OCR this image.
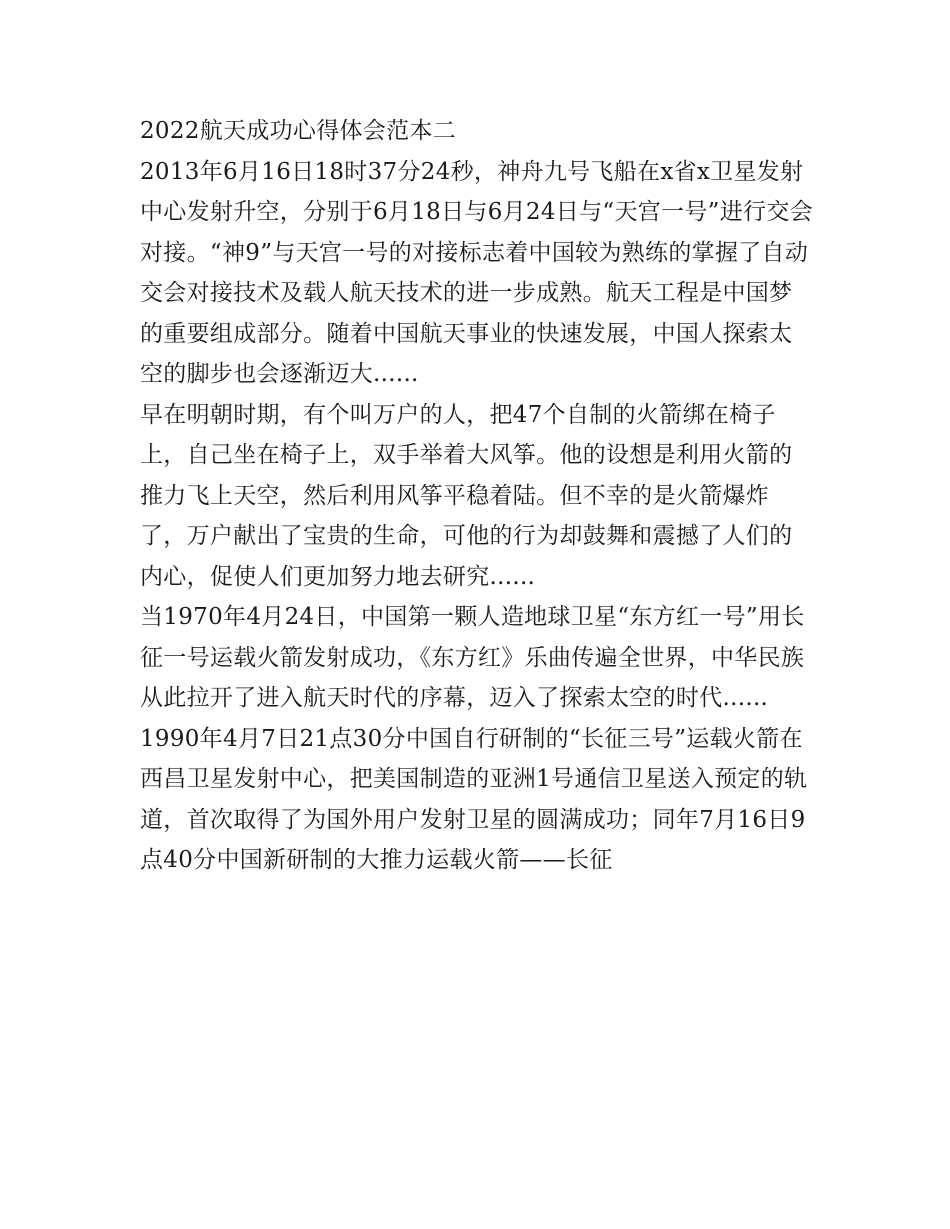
2022航天成功心得体会范本二

2013年6月16日18时37分24秒，神舟九号飞船在x省x卫星发射中心发射升空，分别于6月18日与6月24日与“天宫一号”进行交会对接。“神9”与天宫一号的对接标志着中国较为熟练的掌握了自动交会对接技术及载人航天技术的进一步成熟。航天工程是中国梦的重要组成部分。随着中国航天事业的快速发展，中国人探索太空的脚步也会逐渐迈大......

早在明朝时期，有个叫万户的人，把47个自制的火箭绑在椅子上，自己坐在椅子上，双手举着大风筝。他的设想是利用火箭的推力飞上天空，然后利用风筝平稳着陆。但不幸的是火箭爆炸了，万户献出了宝贵的生命，可他的行为却鼓舞和震撼了人们的内心，促使人们更加努力地去研究......

当1970年4月24日，中国第一颗人造地球卫星“东方红一号”用长征一号运载火箭发射成功，《东方红》乐曲传遍全世界，中华民族从此拉开了进入航天时代的序幕，迈入了探索太空的时代......

1990年4月7日21点30分中国自行研制的“长征三号”运载火箭在西昌卫星发射中心，把美国制造的亚洲1号通信卫星送入预定的轨道，首次取得了为国外用户发射卫星的圆满成功；同年7月16日9点40分中国新研制的大推力运载火箭——长征
